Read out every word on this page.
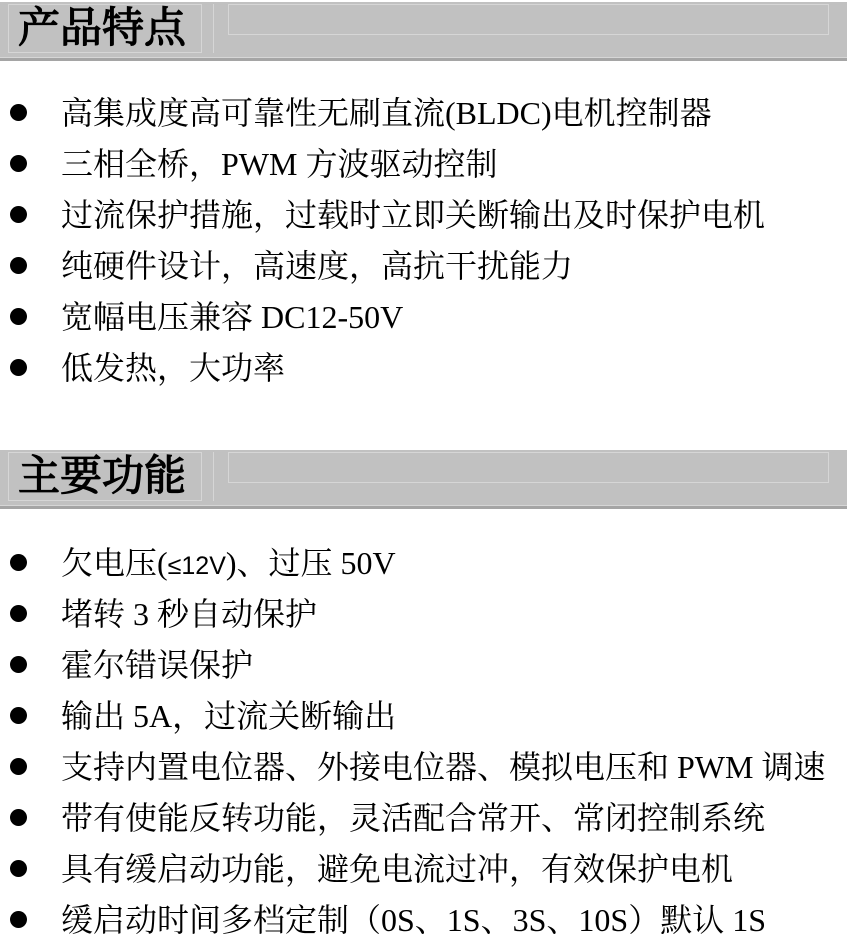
产品特点
高集成度高可靠性无刷直流(BLDC)电机控制器
三相全桥，PWM 方波驱动控制
过流保护措施，过载时立即关断输出及时保护电机
纯硬件设计，高速度，高抗干扰能力
宽幅电压兼容 DC12-50V
低发热，大功率
主要功能
欠电压(≤12V)、过压 50V
堵转 3 秒自动保护
霍尔错误保护
输出 5A，过流关断输出
支持内置电位器、外接电位器、模拟电压和 PWM 调速
带有使能反转功能，灵活配合常开、常闭控制系统
具有缓启动功能，避免电流过冲，有效保护电机
缓启动时间多档定制（0S、1S、3S、10S）默认 1S
